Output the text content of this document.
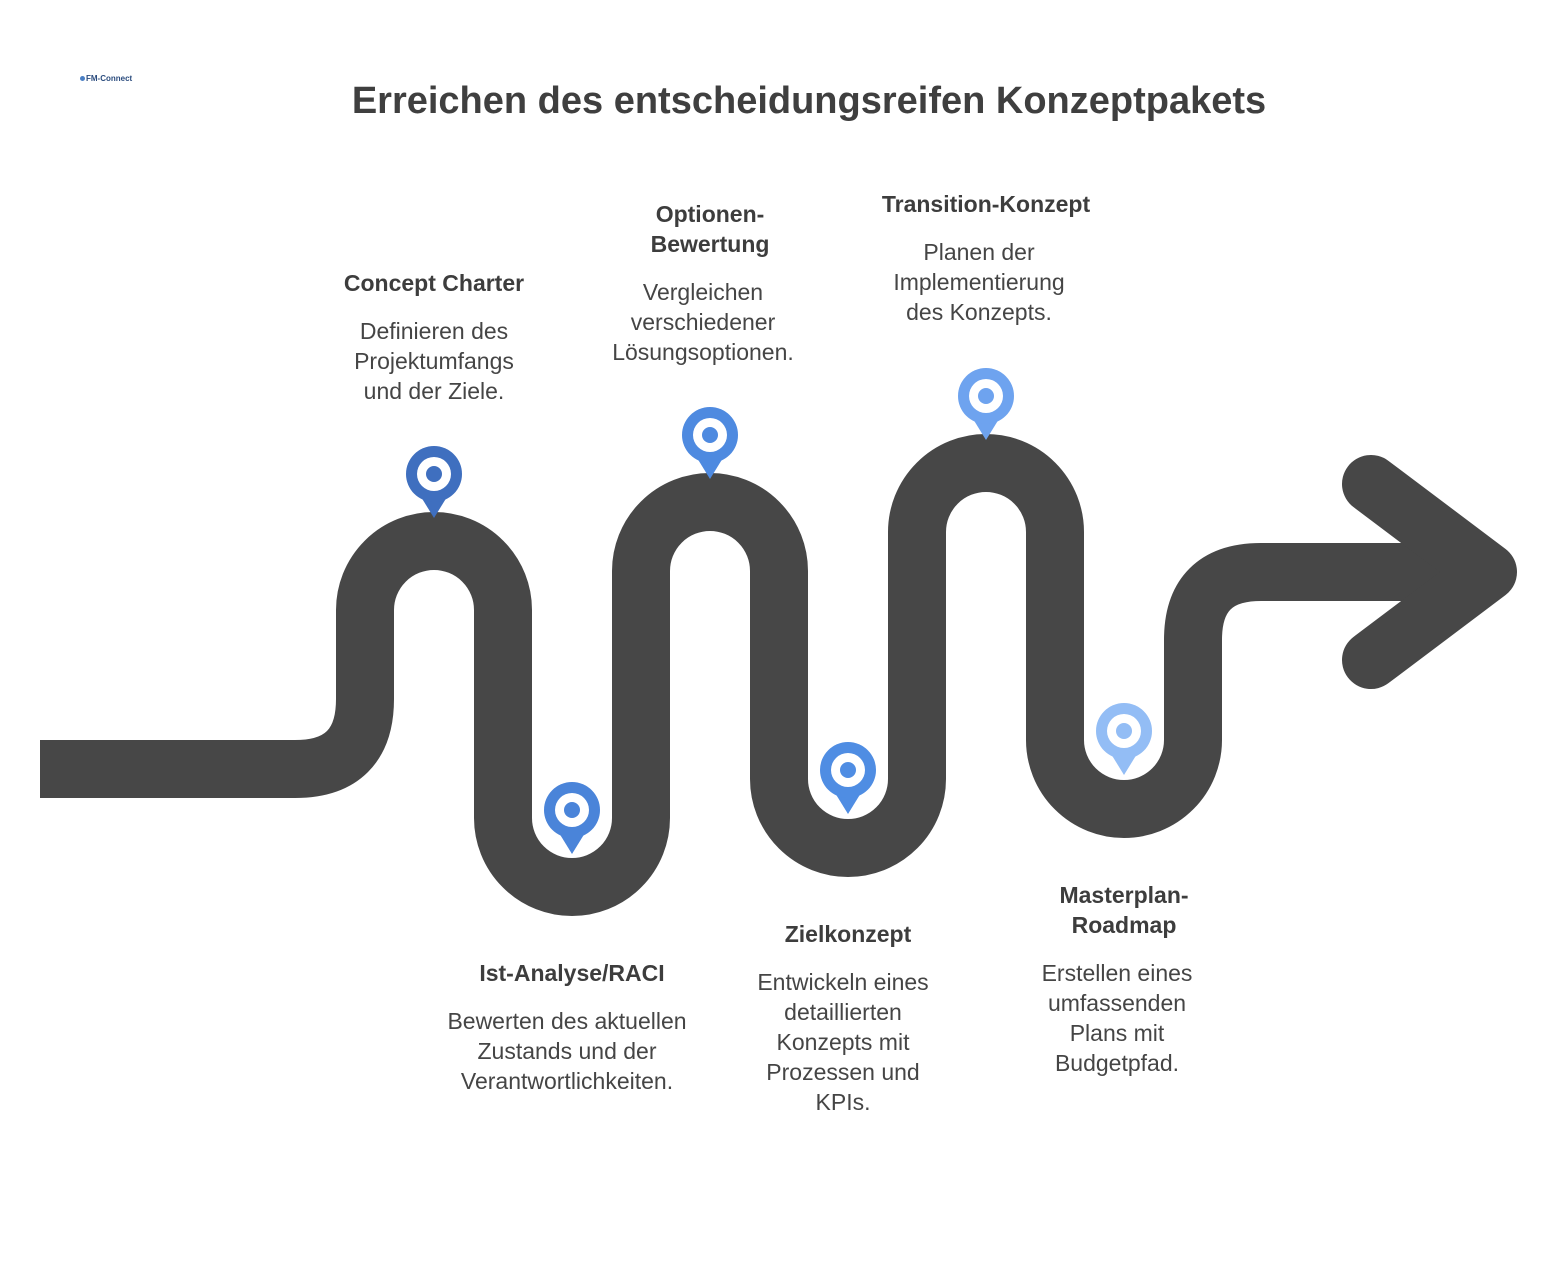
FM-Connect
Erreichen des entscheidungsreifen Konzeptpakets
Concept Charter
Definieren des Projektumfangs und der Ziele.
Ist-Analyse/RACI
Bewerten des aktuellen Zustands und der Verantwortlichkeiten.
Optionen-Bewertung
Vergleichen verschiedener Lösungsoptionen.
Zielkonzept
Entwickeln eines detaillierten Konzepts mit Prozessen und KPIs.
Transition-Konzept
Planen der Implementierung des Konzepts.
Masterplan-Roadmap
Erstellen eines umfassenden Plans mit Budgetpfad.
